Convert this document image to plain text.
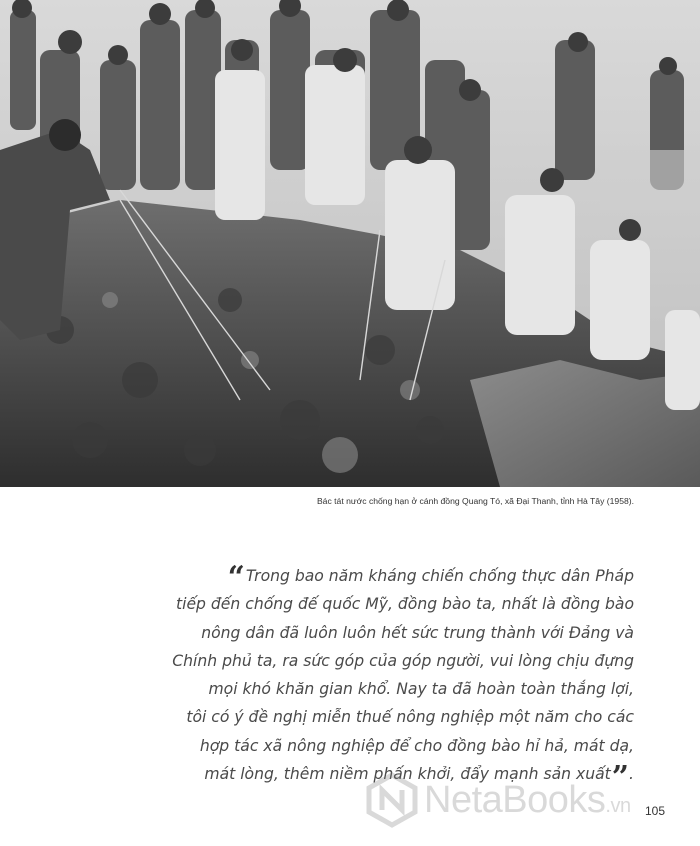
Bác tát nước chống hạn ở cánh đồng Quang Tó, xã Đại Thanh, tỉnh Hà Tây (1958).
“Trong bao năm kháng chiến chống thực dân Pháp
tiếp đến chống đế quốc Mỹ, đồng bào ta, nhất là đồng bào
nông dân đã luôn luôn hết sức trung thành với Đảng và
Chính phủ ta, ra sức góp của góp người, vui lòng chịu đựng
mọi khó khăn gian khổ. Nay ta đã hoàn toàn thắng lợi,
tôi có ý đề nghị miễn thuế nông nghiệp một năm cho các
hợp tác xã nông nghiệp để cho đồng bào hỉ hả, mát dạ,
mát lòng, thêm niềm phấn khởi, đẩy mạnh sản xuất”.
NetaBooks.vn 105
